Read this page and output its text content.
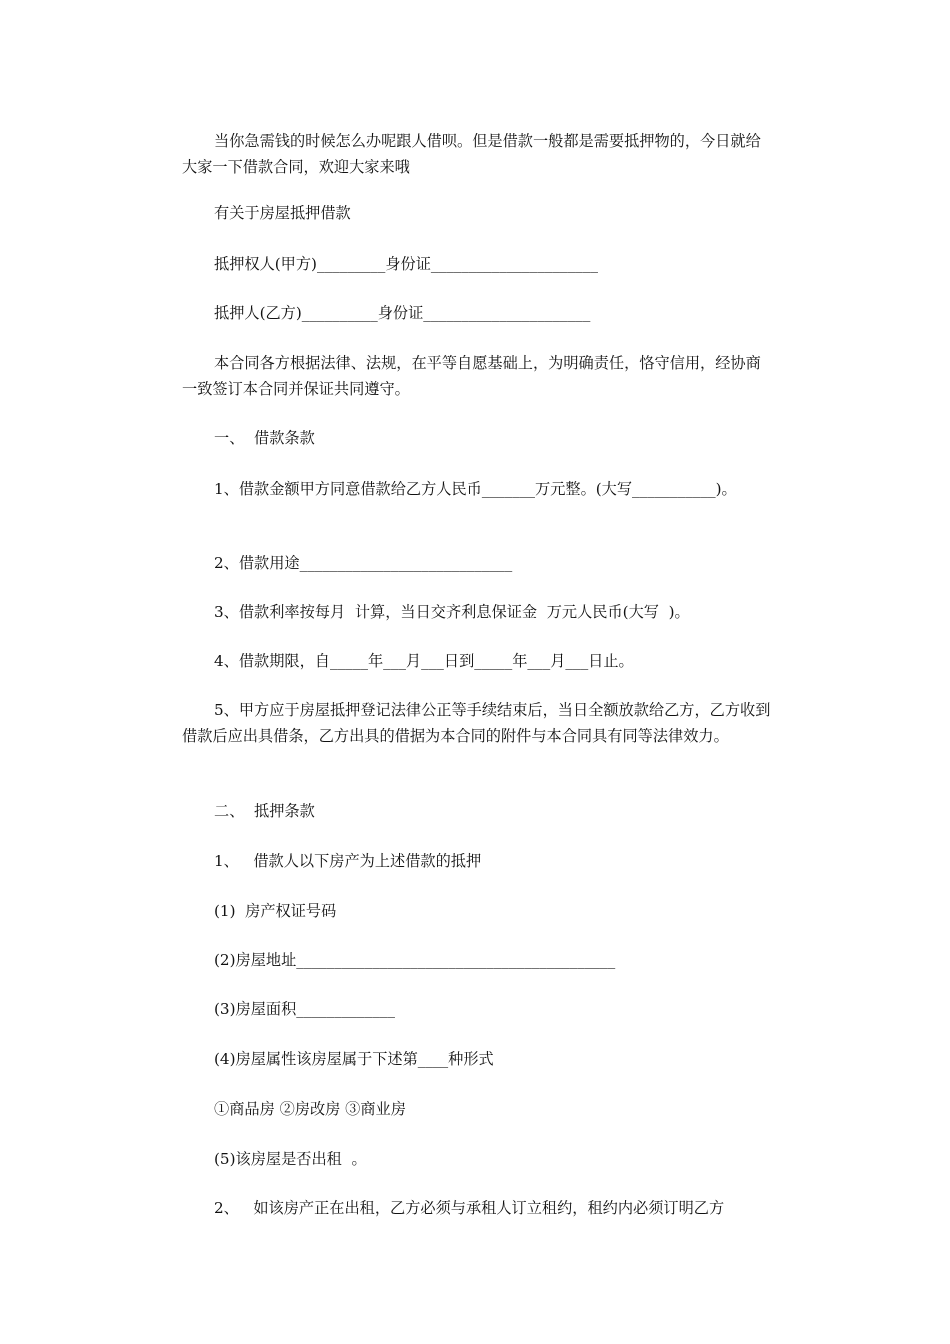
当你急需钱的时候怎么办呢跟人借呗。但是借款一般都是需要抵押物的，今日就给大家一下借款合同，欢迎大家来哦

有关于房屋抵押借款

抵押权人(甲方)_________身份证______________________

抵押人(乙方)__________身份证______________________

本合同各方根据法律、法规，在平等自愿基础上，为明确责任，恪守信用，经协商一致签订本合同并保证共同遵守。

一、  借款条款

1、借款金额甲方同意借款给乙方人民币_______万元整。(大写___________)。

2、借款用途____________________________

3、借款利率按每月  计算，当日交齐利息保证金  万元人民币(大写  )。

4、借款期限，自_____年___月___日到_____年___月___日止。

5、甲方应于房屋抵押登记法律公正等手续结束后，当日全额放款给乙方，乙方收到借款后应出具借条，乙方出具的借据为本合同的附件与本合同具有同等法律效力。

二、  抵押条款

1、   借款人以下房产为上述借款的抵押

(1)  房产权证号码

(2)房屋地址__________________________________________

(3)房屋面积_____________

(4)房屋属性该房屋属于下述第____种形式

①商品房 ②房改房 ③商业房

(5)该房屋是否出租  。

2、   如该房产正在出租，乙方必须与承租人订立租约，租约内必须订明乙方
